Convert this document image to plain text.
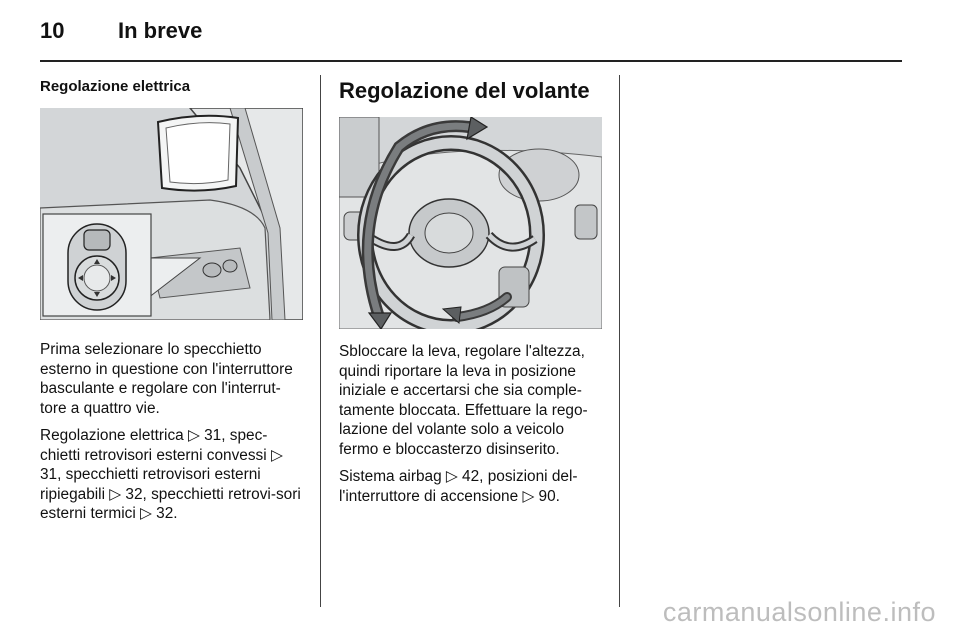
10 In breve
Regolazione elettrica

Prima selezionare lo specchietto esterno in questione con l'interruttore basculante e regolare con l'interrut-tore a quattro vie.

Regolazione elettrica ▷ 31, spec-chietti retrovisori esterni convessi ▷ 31, specchietti retrovisori esterni ripiegabili ▷ 32, specchietti retrovi-sori esterni termici ▷ 32.

Regolazione del volante

Sbloccare la leva, regolare l'altezza, quindi riportare la leva in posizione iniziale e accertarsi che sia comple-tamente bloccata. Effettuare la rego-lazione del volante solo a veicolo fermo e bloccasterzo disinserito.

Sistema airbag ▷ 42, posizioni del-l'interruttore di accensione ▷ 90.

carmanualsonline.info
